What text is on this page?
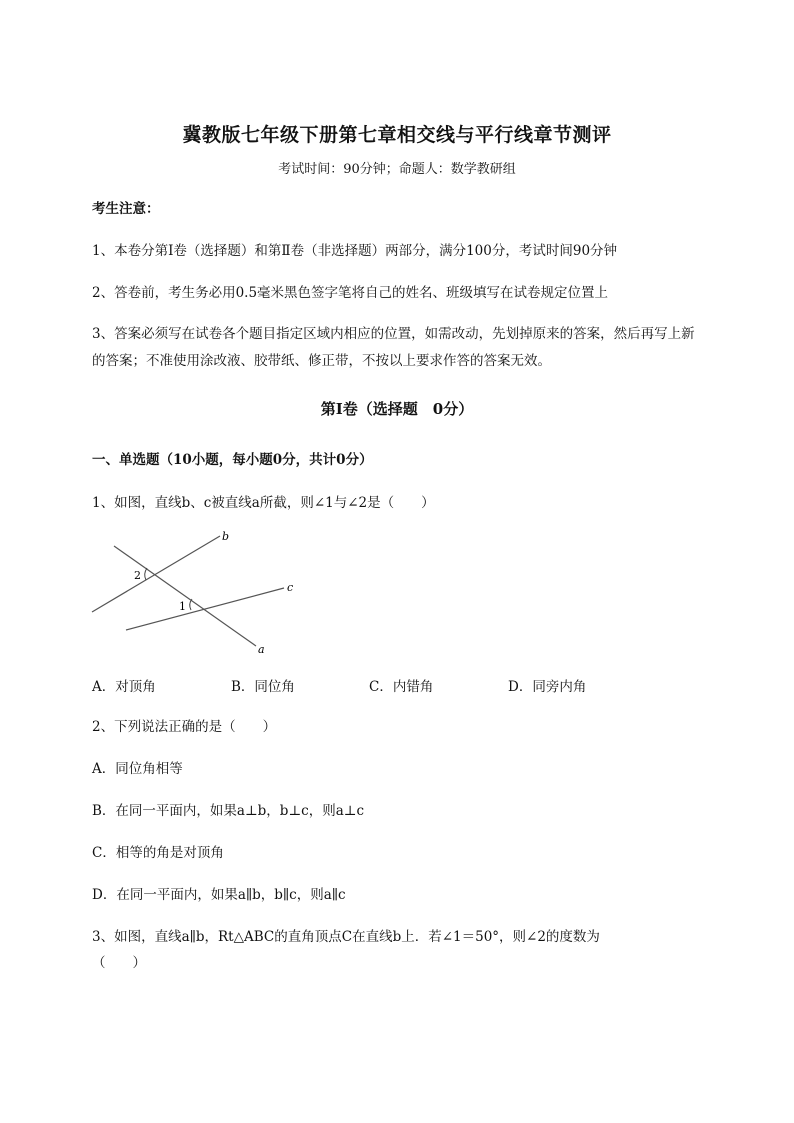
冀教版七年级下册第七章相交线与平行线章节测评
考试时间：90分钟；命题人：数学教研组
考生注意：
1、本卷分第I卷（选择题）和第Ⅱ卷（非选择题）两部分，满分100分，考试时间90分钟
2、答卷前，考生务必用0.5毫米黑色签字笔将自己的姓名、班级填写在试卷规定位置上
3、答案必须写在试卷各个题目指定区域内相应的位置，如需改动，先划掉原来的答案，然后再写上新的答案；不准使用涂改液、胶带纸、修正带，不按以上要求作答的答案无效。
第I卷（选择题　0分）
一、单选题（10小题，每小题0分，共计0分）
1、如图，直线b、c被直线a所截，则∠1与∠2是（　　）
b
c
a
1
2
A．对顶角	B．同位角	C．内错角	D．同旁内角
2、下列说法正确的是（　　）
A．同位角相等
B．在同一平面内，如果a⊥b，b⊥c，则a⊥c
C．相等的角是对顶角
D．在同一平面内，如果a∥b，b∥c，则a∥c
3、如图，直线a∥b，Rt△ABC的直角顶点C在直线b上．若∠1＝50°，则∠2的度数为
（　　）
